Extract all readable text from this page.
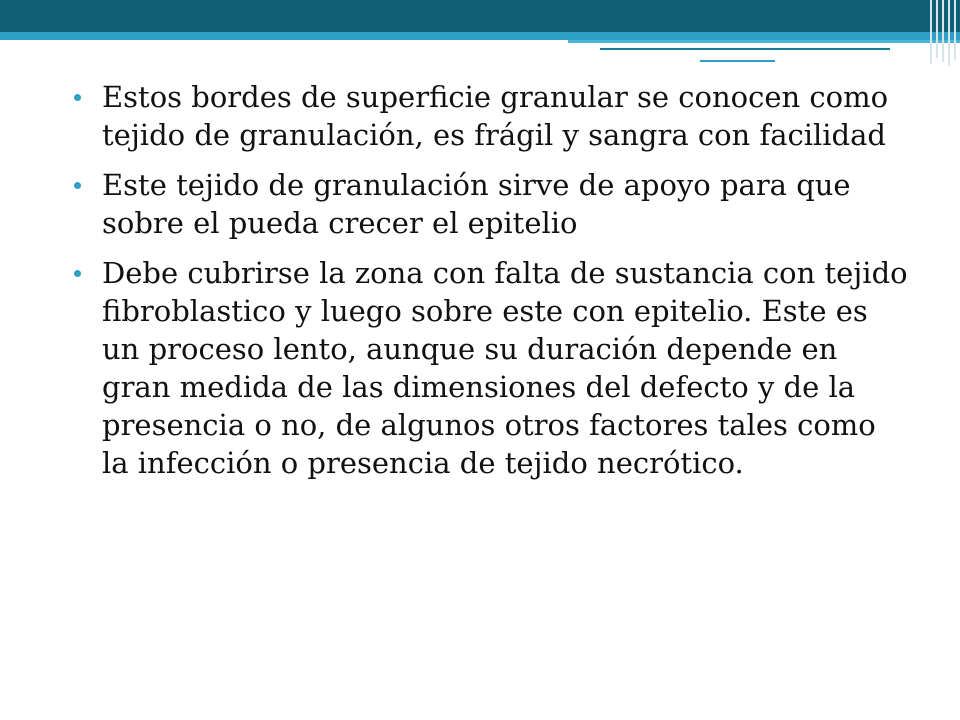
Estos bordes de superficie granular se conocen como tejido de granulación, es frágil y sangra con facilidad
Este tejido de granulación sirve de apoyo para que sobre el pueda crecer el epitelio
Debe cubrirse la zona con falta de sustancia con tejido fibroblastico y luego sobre este con epitelio. Este es un proceso lento, aunque su duración depende en gran medida de las dimensiones del defecto y de la presencia o no, de algunos otros factores tales como la infección o presencia de tejido necrótico.
